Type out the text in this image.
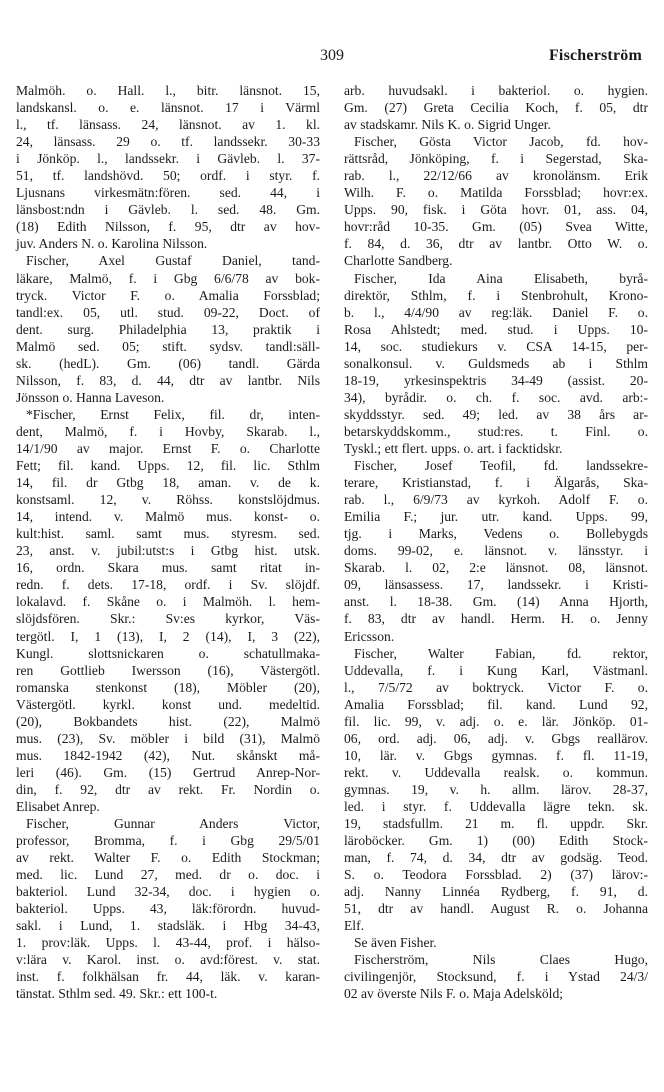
309	Fischerström

Malmöh. o. Hall. l., bitr. länsnot. 15,
landskansl. o. e. länsnot. 17 i Värml
l., tf. länsass. 24, länsnot. av 1. kl.
24, länsass. 29 o. tf. landssekr. 30-33
i Jönköp. l., landssekr. i Gävleb. l. 37-
51, tf. landshövd. 50; ordf. i styr. f.
Ljusnans virkesmätn:fören. sed. 44, i
länsbost:ndn i Gävleb. l. sed. 48. Gm.
(18) Edith Nilsson, f. 95, dtr av hov-
juv. Anders N. o. Karolina Nilsson.

Fischer, Axel Gustaf Daniel, tand-
läkare, Malmö, f. i Gbg 6/6/78 av bok-
tryck. Victor F. o. Amalia Forssblad;
tandl:ex. 05, utl. stud. 09-22, Doct. of
dent. surg. Philadelphia 13, praktik i
Malmö sed. 05; stift. sydsv. tandl:säll-
sk. (hedL). Gm. (06) tandl. Gärda
Nilsson, f. 83, d. 44, dtr av lantbr. Nils
Jönsson o. Hanna Laveson.

*Fischer, Ernst Felix, fil. dr, inten-
dent, Malmö, f. i Hovby, Skarab. l.,
14/1/90 av major. Ernst F. o. Charlotte
Fett; fil. kand. Upps. 12, fil. lic. Sthlm
14, fil. dr Gtbg 18, aman. v. de k.
konstsaml. 12, v. Röhss. konstslöjdmus.
14, intend. v. Malmö mus. konst- o.
kult:hist. saml. samt mus. styresm. sed.
23, anst. v. jubil:utst:s i Gtbg hist. utsk.
16, ordn. Skara mus. samt ritat in-
redn. f. dets. 17-18, ordf. i Sv. slöjdf.
lokalavd. f. Skåne o. i Malmöh. l. hem-
slöjdsfören. Skr.: Sv:es kyrkor, Väs-
tergötl. I, 1 (13), I, 2 (14), I, 3 (22),
Kungl. slottsnickaren o. schatullmaka-
ren Gottlieb Iwersson (16), Västergötl.
romanska stenkonst (18), Möbler (20),
Västergötl. kyrkl. konst und. medeltid.
(20), Bokbandets hist. (22), Malmö
mus. (23), Sv. möbler i bild (31), Malmö
mus. 1842-1942 (42), Nut. skånskt må-
leri (46). Gm. (15) Gertrud Anrep-Nor-
din, f. 92, dtr av rekt. Fr. Nordin o.
Elisabet Anrep.

Fischer, Gunnar Anders Victor,
professor, Bromma, f. i Gbg 29/5/01
av rekt. Walter F. o. Edith Stockman;
med. lic. Lund 27, med. dr o. doc. i
bakteriol. Lund 32-34, doc. i hygien o.
bakteriol. Upps. 43, läk:förordn. huvud-
sakl. i Lund, 1. stadsläk. i Hbg 34-43,
1. prov:läk. Upps. l. 43-44, prof. i hälso-
v:lära v. Karol. inst. o. avd:förest. v. stat.
inst. f. folkhälsan fr. 44, läk. v. karan-
tänstat. Sthlm sed. 49. Skr.: ett 100-t.

arb. huvudsakl. i bakteriol. o. hygien.
Gm. (27) Greta Cecilia Koch, f. 05, dtr
av stadskamr. Nils K. o. Sigrid Unger.

Fischer, Gösta Victor Jacob, fd. hov-
rättsråd, Jönköping, f. i Segerstad, Ska-
rab. l., 22/12/66 av kronolänsm. Erik
Wilh. F. o. Matilda Forssblad; hovr:ex.
Upps. 90, fisk. i Göta hovr. 01, ass. 04,
hovr:råd 10-35. Gm. (05) Svea Witte,
f. 84, d. 36, dtr av lantbr. Otto W. o.
Charlotte Sandberg.

Fischer, Ida Aina Elisabeth, byrå-
direktör, Sthlm, f. i Stenbrohult, Krono-
b. l., 4/4/90 av reg:läk. Daniel F. o.
Rosa Ahlstedt; med. stud. i Upps. 10-
14, soc. studiekurs v. CSA 14-15, per-
sonalkonsul. v. Guldsmeds ab i Sthlm
18-19, yrkesinspektris 34-49 (assist. 20-
34), byrådir. o. ch. f. soc. avd. arb:-
skyddsstyr. sed. 49; led. av 38 års ar-
betarskyddskomm., stud:res. t. Finl. o.
Tyskl.; ett flert. upps. o. art. i facktidskr.

Fischer, Josef Teofil, fd. landssekre-
terare, Kristianstad, f. i Älgarås, Ska-
rab. l., 6/9/73 av kyrkoh. Adolf F. o.
Emilia F.; jur. utr. kand. Upps. 99,
tjg. i Marks, Vedens o. Bollebygds
doms. 99-02, e. länsnot. v. länsstyr. i
Skarab. l. 02, 2:e länsnot. 08, länsnot.
09, länsassess. 17, landssekr. i Kristi-
anst. l. 18-38. Gm. (14) Anna Hjorth,
f. 83, dtr av handl. Herm. H. o. Jenny
Ericsson.

Fischer, Walter Fabian, fd. rektor,
Uddevalla, f. i Kung Karl, Västmanl.
l., 7/5/72 av boktryck. Victor F. o.
Amalia Forssblad; fil. kand. Lund 92,
fil. lic. 99, v. adj. o. e. lär. Jönköp. 01-
06, ord. adj. 06, adj. v. Gbgs reallärov.
10, lär. v. Gbgs gymnas. f. fl. 11-19,
rekt. v. Uddevalla realsk. o. kommun.
gymnas. 19, v. h. allm. lärov. 28-37,
led. i styr. f. Uddevalla lägre tekn. sk.
19, stadsfullm. 21 m. fl. uppdr. Skr.
läroböcker. Gm. 1) (00) Edith Stock-
man, f. 74, d. 34, dtr av godsäg. Teod.
S. o. Teodora Forssblad. 2) (37) lärov:-
adj. Nanny Linnéa Rydberg, f. 91, d.
51, dtr av handl. August R. o. Johanna
Elf.

Se även Fisher.

Fischerström, Nils Claes Hugo,
civilingenjör, Stocksund, f. i Ystad 24/3/
02 av överste Nils F. o. Maja Adelsköld;
